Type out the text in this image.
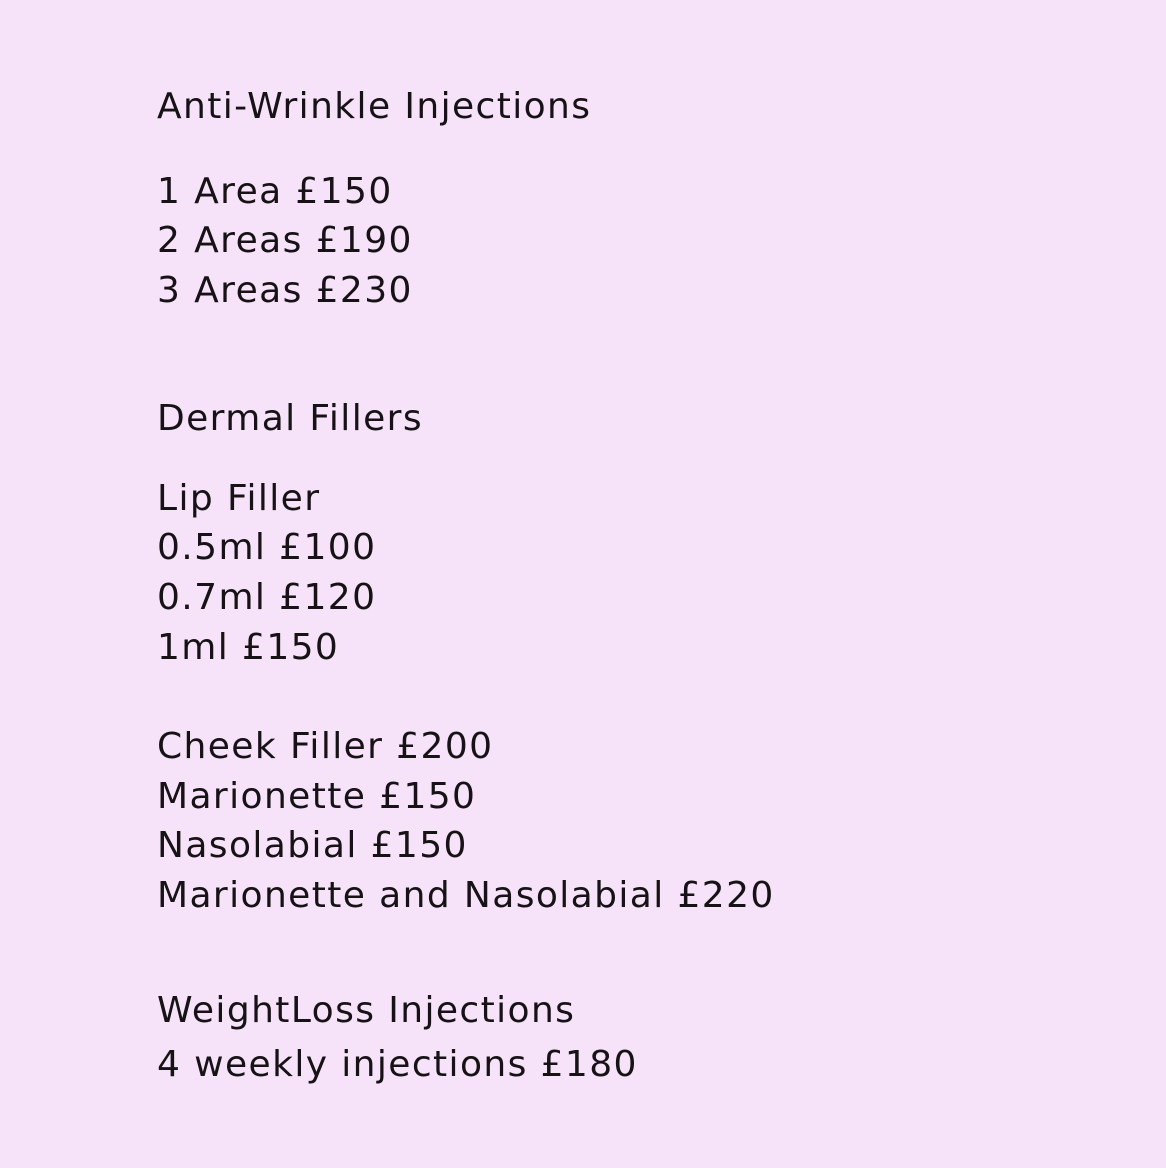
Anti-Wrinkle Injections
1 Area £150
2 Areas £190
3 Areas £230
Dermal Fillers
Lip Filler
0.5ml £100
0.7ml £120
1ml £150
Cheek Filler £200
Marionette £150
Nasolabial £150
Marionette and Nasolabial £220
WeightLoss Injections
4 weekly injections £180
